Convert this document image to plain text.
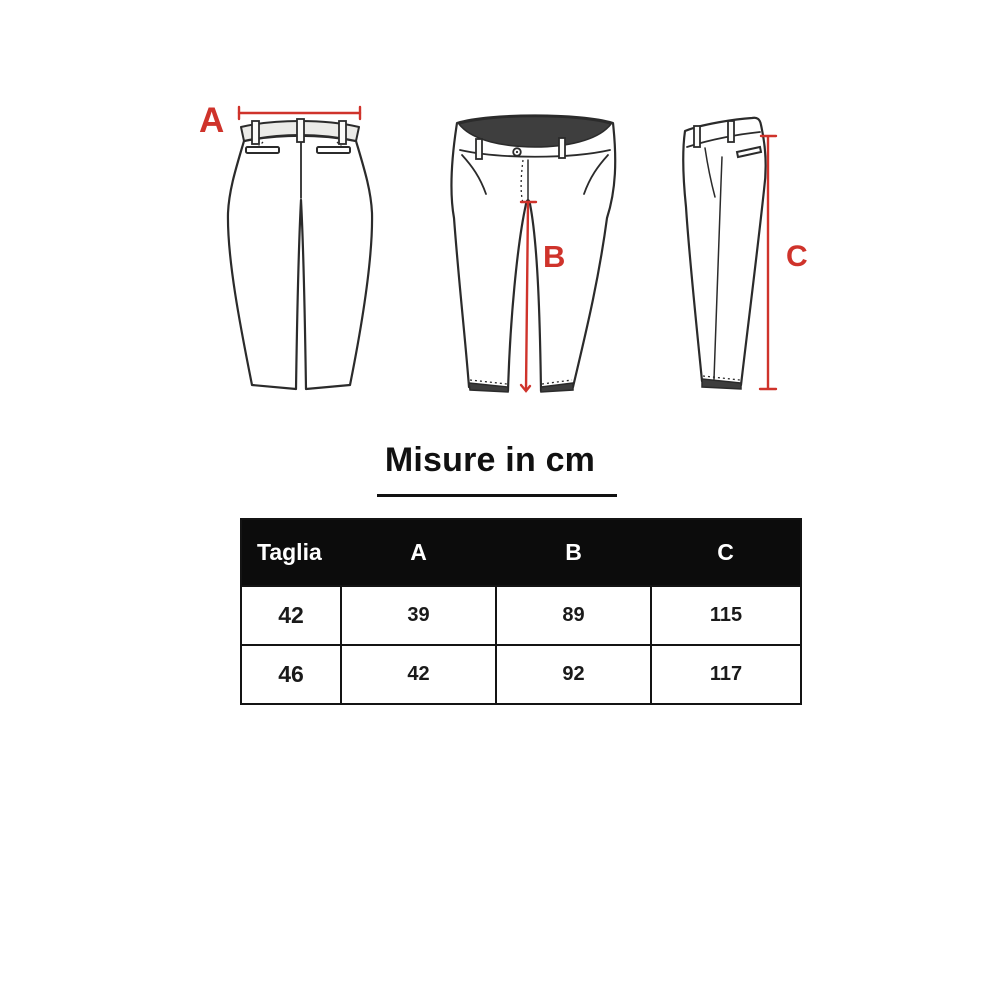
A
B	C
Misure in cm
Taglia	A	B	C
42	39	89	115
46	42	92	117
